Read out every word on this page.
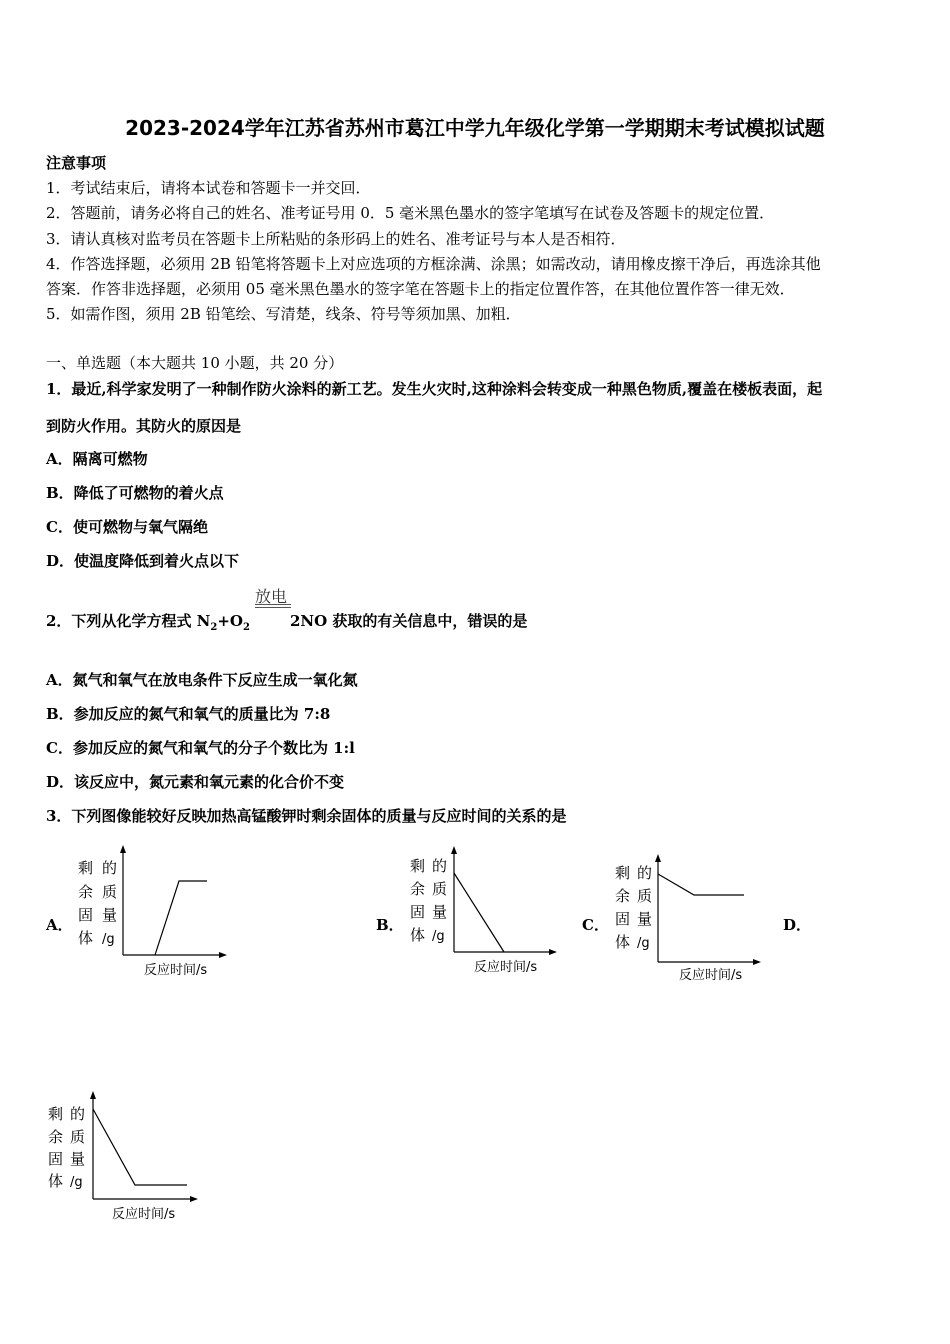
2023-2024学年江苏省苏州市葛江中学九年级化学第一学期期末考试模拟试题
注意事项
1．考试结束后，请将本试卷和答题卡一并交回．
2．答题前，请务必将自己的姓名、准考证号用 0．5 毫米黑色墨水的签字笔填写在试卷及答题卡的规定位置．
3．请认真核对监考员在答题卡上所粘贴的条形码上的姓名、准考证号与本人是否相符．
4．作答选择题，必须用 2B 铅笔将答题卡上对应选项的方框涂满、涂黑；如需改动，请用橡皮擦干净后，再选涂其他
答案．作答非选择题，必须用 05 毫米黑色墨水的签字笔在答题卡上的指定位置作答，在其他位置作答一律无效．
5．如需作图，须用 2B 铅笔绘、写清楚，线条、符号等须加黑、加粗．
一、单选题（本大题共 10 小题，共 20 分）
1．最近,科学家发明了一种制作防火涂料的新工艺。发生火灾时,这种涂料会转变成一种黑色物质,覆盖在楼板表面，起
到防火作用。其防火的原因是
A．隔离可燃物
B．降低了可燃物的着火点
C．使可燃物与氧气隔绝
D．使温度降低到着火点以下
放电
2．下列从化学方程式 $N_2+O_2$	2NO 获取的有关信息中，错误的是
A．氮气和氧气在放电条件下反应生成一氧化氮
B．参加反应的氮气和氧气的质量比为 7:8
C．参加反应的氮气和氧气的分子个数比为 1:l
D．该反应中，氮元素和氧元素的化合价不变
3．下列图像能较好反映加热高锰酸钾时剩余固体的质量与反应时间的关系的是
A．	B．	C．	D．
剩 的
余 质
固 量
体 /g
反应时间/s
剩 的
余 质
固 量
体 /g
反应时间/s
剩 的
余 质
固 量
体 /g
反应时间/s
剩 的
余 质
固 量
体 /g
反应时间/s
